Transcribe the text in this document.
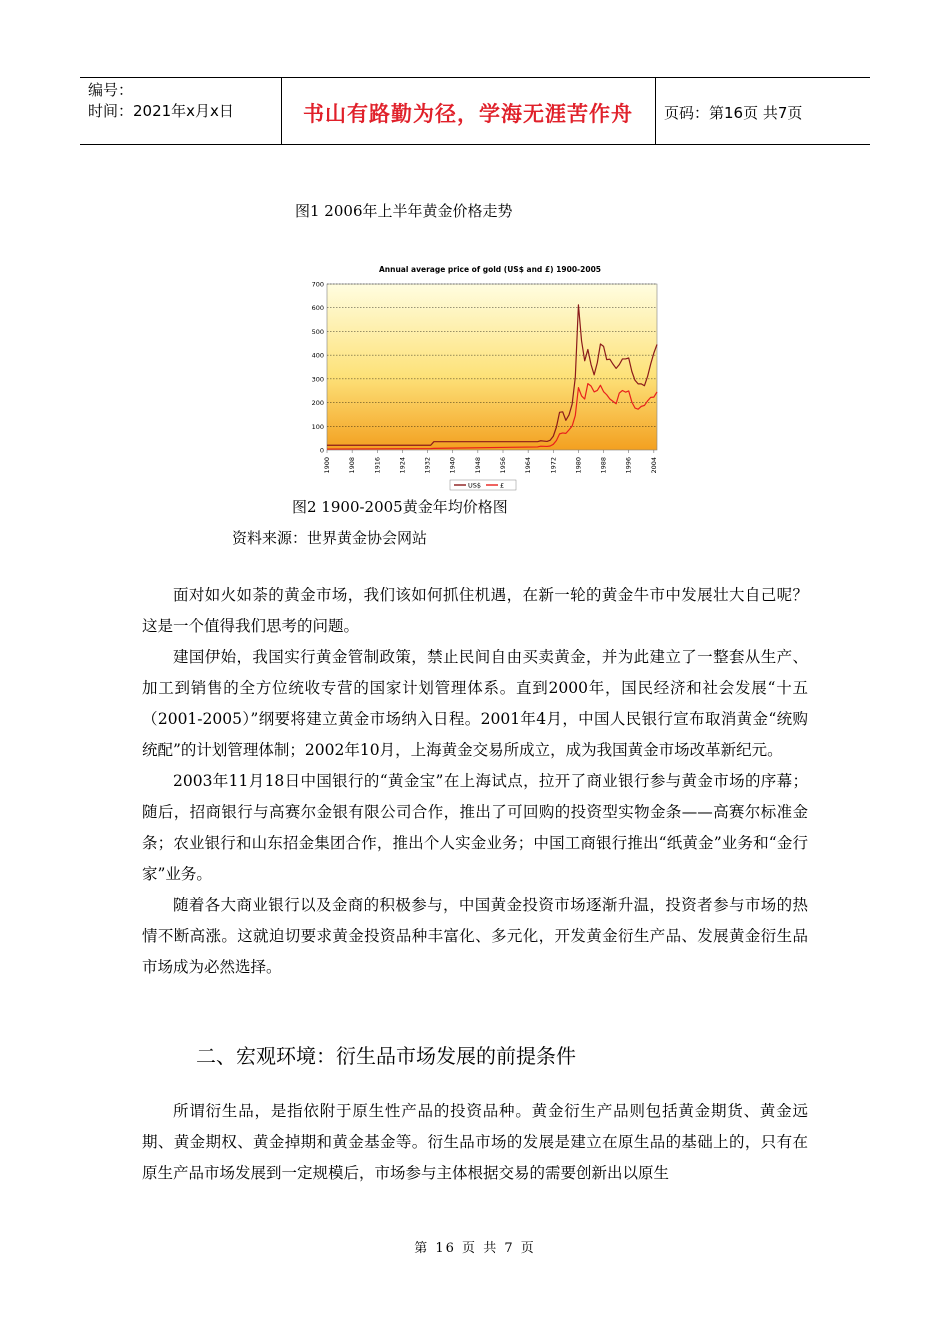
编号：
时间：2021年x月x日	书山有路勤为径，学海无涯苦作舟	页码：第16页 共7页
图1 2006年上半年黄金价格走势
Annual average price of gold (US$ and £) 1900-2005
0
100
200
300
400
500
600
700
1900	1908	1916	1924	1932	1940	1948	1956	1964	1972	1980	1988	1996	2004
US$	£
图2 1900-2005黄金年均价格图
资料来源：世界黄金协会网站

面对如火如荼的黄金市场，我们该如何抓住机遇，在新一轮的黄金牛市中发展壮大自己呢？这是一个值得我们思考的问题。

建国伊始，我国实行黄金管制政策，禁止民间自由买卖黄金，并为此建立了一整套从生产、加工到销售的全方位统收专营的国家计划管理体系。直到2000年，国民经济和社会发展“十五（2001-2005）”纲要将建立黄金市场纳入日程。2001年4月，中国人民银行宣布取消黄金“统购统配”的计划管理体制；2002年10月，上海黄金交易所成立，成为我国黄金市场改革新纪元。

2003年11月18日中国银行的“黄金宝”在上海试点，拉开了商业银行参与黄金市场的序幕；随后，招商银行与高赛尔金银有限公司合作，推出了可回购的投资型实物金条——高赛尔标准金条；农业银行和山东招金集团合作，推出个人实金业务；中国工商银行推出“纸黄金”业务和“金行家”业务。

随着各大商业银行以及金商的积极参与，中国黄金投资市场逐渐升温，投资者参与市场的热情不断高涨。这就迫切要求黄金投资品种丰富化、多元化，开发黄金衍生产品、发展黄金衍生品市场成为必然选择。

二、宏观环境：衍生品市场发展的前提条件

所谓衍生品，是指依附于原生性产品的投资品种。黄金衍生产品则包括黄金期货、黄金远期、黄金期权、黄金掉期和黄金基金等。衍生品市场的发展是建立在原生品的基础上的，只有在原生产品市场发展到一定规模后，市场参与主体根据交易的需要创新出以原生

第 16 页 共 7 页
